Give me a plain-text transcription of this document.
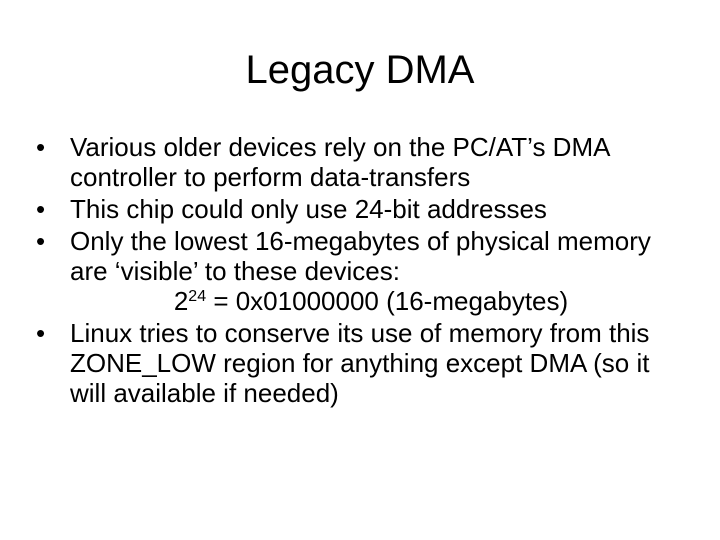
Legacy DMA
• Various older devices rely on the PC/AT’s DMA controller to perform data-transfers
• This chip could only use 24-bit addresses
• Only the lowest 16-megabytes of physical memory are ‘visible’ to these devices:
$2^{24} = 0x01000000$ (16-megabytes)
• Linux tries to conserve its use of memory from this ZONE_LOW region for anything except DMA (so it will available if needed)
